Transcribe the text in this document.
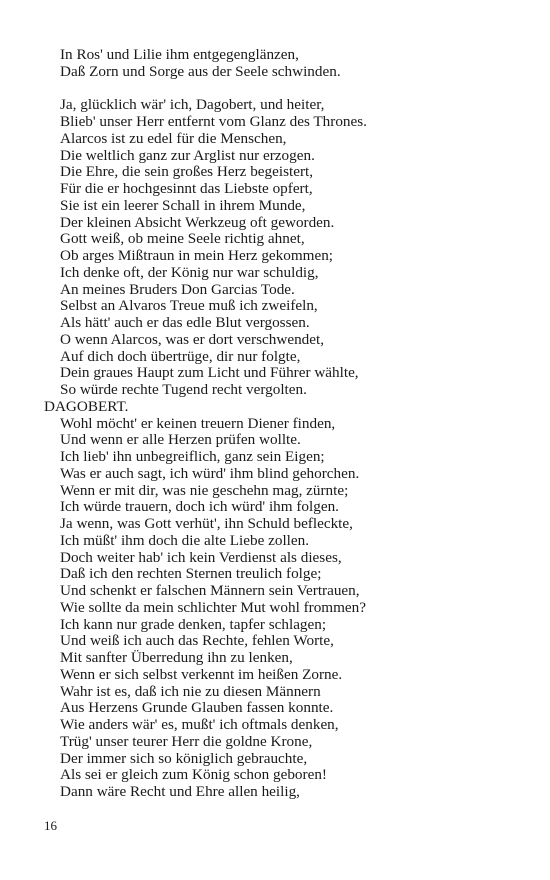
In Ros' und Lilie ihm entgegenglänzen,
Daß Zorn und Sorge aus der Seele schwinden.
Ja, glücklich wär' ich, Dagobert, und heiter,
Blieb' unser Herr entfernt vom Glanz des Thrones.
Alarcos ist zu edel für die Menschen,
Die weltlich ganz zur Arglist nur erzogen.
Die Ehre, die sein großes Herz begeistert,
Für die er hochgesinnt das Liebste opfert,
Sie ist ein leerer Schall in ihrem Munde,
Der kleinen Absicht Werkzeug oft geworden.
Gott weiß, ob meine Seele richtig ahnet,
Ob arges Mißtraun in mein Herz gekommen;
Ich denke oft, der König nur war schuldig,
An meines Bruders Don Garcias Tode.
Selbst an Alvaros Treue muß ich zweifeln,
Als hätt' auch er das edle Blut vergossen.
O wenn Alarcos, was er dort verschwendet,
Auf dich doch übertrüge, dir nur folgte,
Dein graues Haupt zum Licht und Führer wählte,
So würde rechte Tugend recht vergolten.
DAGOBERT.
Wohl möcht' er keinen treuern Diener finden,
Und wenn er alle Herzen prüfen wollte.
Ich lieb' ihn unbegreiflich, ganz sein Eigen;
Was er auch sagt, ich würd' ihm blind gehorchen.
Wenn er mit dir, was nie geschehn mag, zürnte;
Ich würde trauern, doch ich würd' ihm folgen.
Ja wenn, was Gott verhüt', ihn Schuld befleckte,
Ich müßt' ihm doch die alte Liebe zollen.
Doch weiter hab' ich kein Verdienst als dieses,
Daß ich den rechten Sternen treulich folge;
Und schenkt er falschen Männern sein Vertrauen,
Wie sollte da mein schlichter Mut wohl frommen?
Ich kann nur grade denken, tapfer schlagen;
Und weiß ich auch das Rechte, fehlen Worte,
Mit sanfter Überredung ihn zu lenken,
Wenn er sich selbst verkennt im heißen Zorne.
Wahr ist es, daß ich nie zu diesen Männern
Aus Herzens Grunde Glauben fassen konnte.
Wie anders wär' es, mußt' ich oftmals denken,
Trüg' unser teurer Herr die goldne Krone,
Der immer sich so königlich gebrauchte,
Als sei er gleich zum König schon geboren!
Dann wäre Recht und Ehre allen heilig,
16
